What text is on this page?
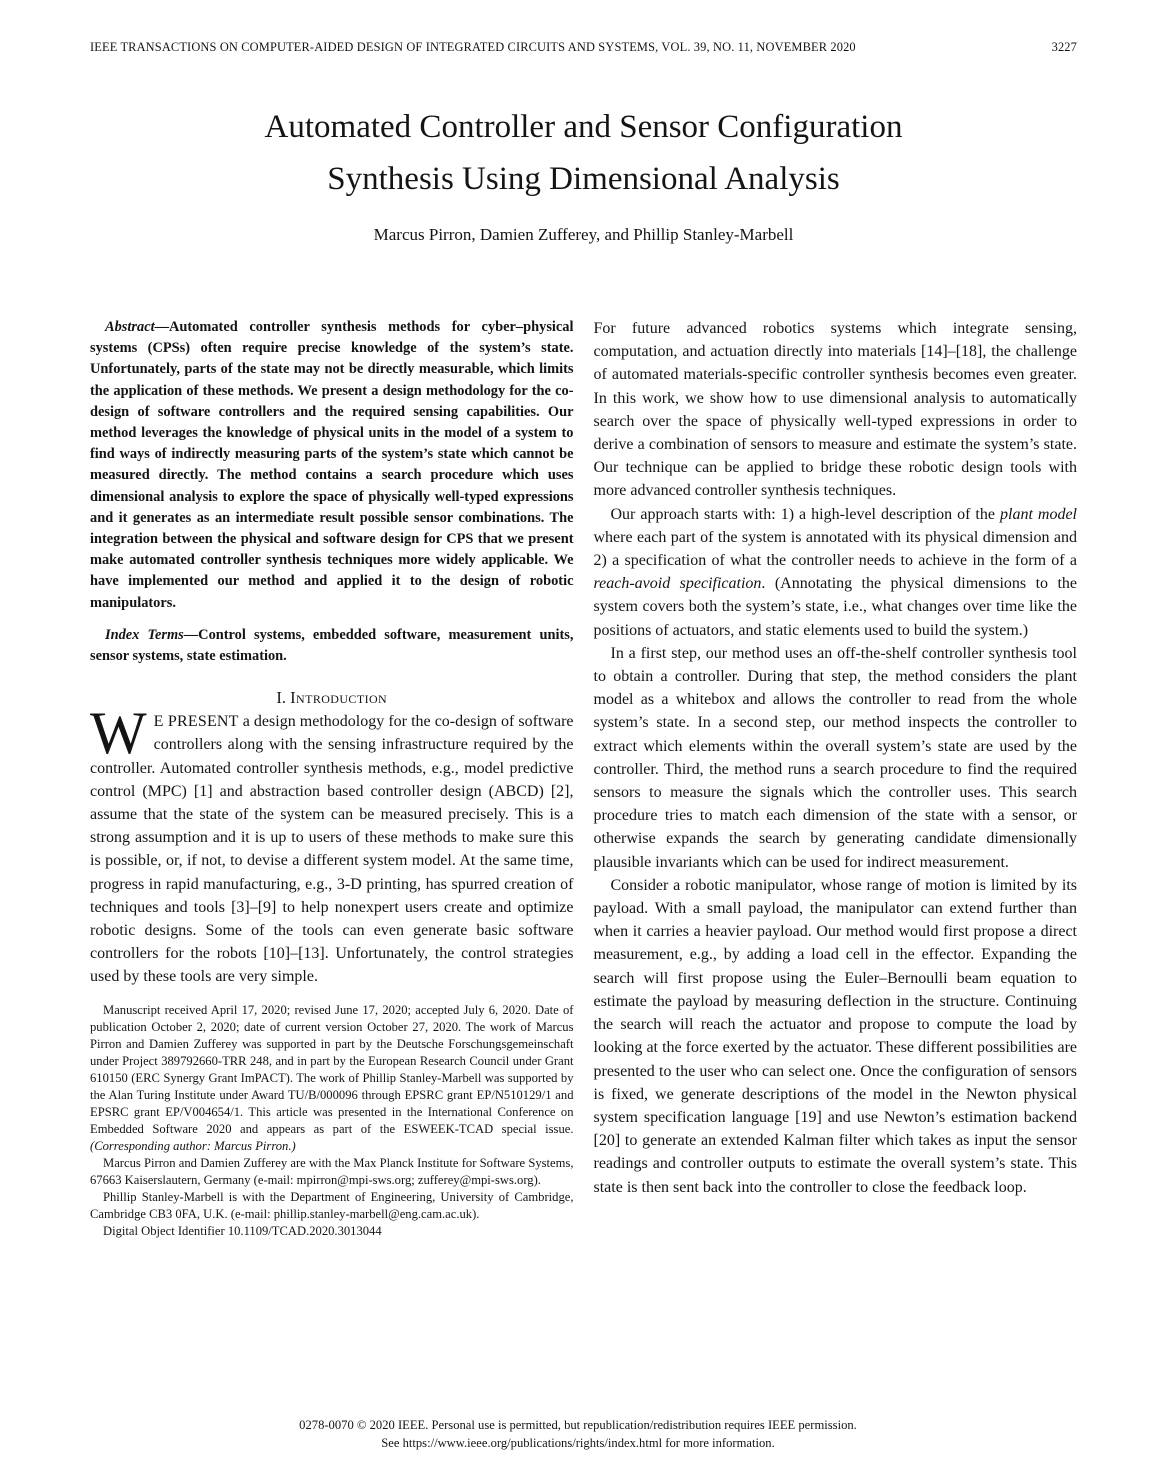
IEEE TRANSACTIONS ON COMPUTER-AIDED DESIGN OF INTEGRATED CIRCUITS AND SYSTEMS, VOL. 39, NO. 11, NOVEMBER 2020	3227
Automated Controller and Sensor Configuration
Synthesis Using Dimensional Analysis
Marcus Pirron, Damien Zufferey, and Phillip Stanley-Marbell

Abstract—Automated controller synthesis methods for cyber–physical systems (CPSs) often require precise knowledge of the system’s state. Unfortunately, parts of the state may not be directly measurable, which limits the application of these methods. We present a design methodology for the co-design of software controllers and the required sensing capabilities. Our method leverages the knowledge of physical units in the model of a system to find ways of indirectly measuring parts of the system’s state which cannot be measured directly. The method contains a search procedure which uses dimensional analysis to explore the space of physically well-typed expressions and it generates as an intermediate result possible sensor combinations. The integration between the physical and software design for CPS that we present make automated controller synthesis techniques more widely applicable. We have implemented our method and applied it to the design of robotic manipulators.

Index Terms—Control systems, embedded software, measurement units, sensor systems, state estimation.

I. Introduction

W E PRESENT a design methodology for the co-design of software controllers along with the sensing infrastructure required by the controller. Automated controller synthesis methods, e.g., model predictive control (MPC) [1] and abstraction based controller design (ABCD) [2], assume that the state of the system can be measured precisely. This is a strong assumption and it is up to users of these methods to make sure this is possible, or, if not, to devise a different system model. At the same time, progress in rapid manufacturing, e.g., 3-D printing, has spurred creation of techniques and tools [3]–[9] to help nonexpert users create and optimize robotic designs. Some of the tools can even generate basic software controllers for the robots [10]–[13]. Unfortunately, the control strategies used by these tools are very simple.

Manuscript received April 17, 2020; revised June 17, 2020; accepted July 6, 2020. Date of publication October 2, 2020; date of current version October 27, 2020. The work of Marcus Pirron and Damien Zufferey was supported in part by the Deutsche Forschungsgemeinschaft under Project 389792660-TRR 248, and in part by the European Research Council under Grant 610150 (ERC Synergy Grant ImPACT). The work of Phillip Stanley-Marbell was supported by the Alan Turing Institute under Award TU/B/000096 through EPSRC grant EP/N510129/1 and EPSRC grant EP/V004654/1. This article was presented in the International Conference on Embedded Software 2020 and appears as part of the ESWEEK-TCAD special issue. (Corresponding author: Marcus Pirron.)

Marcus Pirron and Damien Zufferey are with the Max Planck Institute for Software Systems, 67663 Kaiserslautern, Germany (e-mail: mpirron@mpi-sws.org; zufferey@mpi-sws.org).

Phillip Stanley-Marbell is with the Department of Engineering, University of Cambridge, Cambridge CB3 0FA, U.K. (e-mail: phillip.stanley-marbell@eng.cam.ac.uk).

Digital Object Identifier 10.1109/TCAD.2020.3013044

For future advanced robotics systems which integrate sensing, computation, and actuation directly into materials [14]–[18], the challenge of automated materials-specific controller synthesis becomes even greater. In this work, we show how to use dimensional analysis to automatically search over the space of physically well-typed expressions in order to derive a combination of sensors to measure and estimate the system’s state. Our technique can be applied to bridge these robotic design tools with more advanced controller synthesis techniques.

Our approach starts with: 1) a high-level description of the plant model where each part of the system is annotated with its physical dimension and 2) a specification of what the controller needs to achieve in the form of a reach-avoid specification. (Annotating the physical dimensions to the system covers both the system’s state, i.e., what changes over time like the positions of actuators, and static elements used to build the system.)

In a first step, our method uses an off-the-shelf controller synthesis tool to obtain a controller. During that step, the method considers the plant model as a whitebox and allows the controller to read from the whole system’s state. In a second step, our method inspects the controller to extract which elements within the overall system’s state are used by the controller. Third, the method runs a search procedure to find the required sensors to measure the signals which the controller uses. This search procedure tries to match each dimension of the state with a sensor, or otherwise expands the search by generating candidate dimensionally plausible invariants which can be used for indirect measurement.

Consider a robotic manipulator, whose range of motion is limited by its payload. With a small payload, the manipulator can extend further than when it carries a heavier payload. Our method would first propose a direct measurement, e.g., by adding a load cell in the effector. Expanding the search will first propose using the Euler–Bernoulli beam equation to estimate the payload by measuring deflection in the structure. Continuing the search will reach the actuator and propose to compute the load by looking at the force exerted by the actuator. These different possibilities are presented to the user who can select one. Once the configuration of sensors is fixed, we generate descriptions of the model in the Newton physical system specification language [19] and use Newton’s estimation backend [20] to generate an extended Kalman filter which takes as input the sensor readings and controller outputs to estimate the overall system’s state. This state is then sent back into the controller to close the feedback loop.

0278-0070 © 2020 IEEE. Personal use is permitted, but republication/redistribution requires IEEE permission.
See https://www.ieee.org/publications/rights/index.html for more information.
